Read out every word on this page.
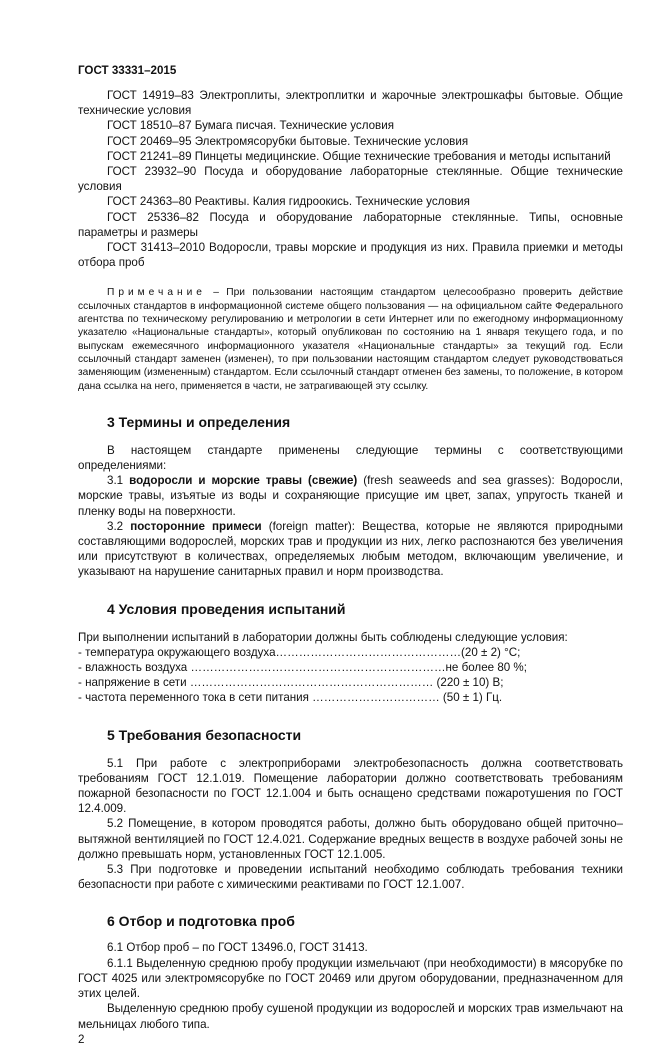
ГОСТ 33331–2015

ГОСТ 14919–83 Электроплиты, электроплитки и жарочные электрошкафы бытовые. Общие технические условия

ГОСТ 18510–87 Бумага писчая. Технические условия

ГОСТ 20469–95 Электромясорубки бытовые. Технические условия

ГОСТ 21241–89 Пинцеты медицинские. Общие технические требования и методы испытаний

ГОСТ 23932–90 Посуда и оборудование лабораторные стеклянные. Общие технические условия

ГОСТ 24363–80 Реактивы. Калия гидроокись. Технические условия

ГОСТ 25336–82 Посуда и оборудование лабораторные стеклянные. Типы, основные параметры и размеры

ГОСТ 31413–2010 Водоросли, травы морские и продукция из них. Правила приемки и методы отбора проб

Примечание – При пользовании настоящим стандартом целесообразно проверить действие ссылочных стандартов в информационной системе общего пользования — на официальном сайте Федерального агентства по техническому регулированию и метрологии в сети Интернет или по ежегодному информационному указателю «Национальные стандарты», который опубликован по состоянию на 1 января текущего года, и по выпускам ежемесячного информационного указателя «Национальные стандарты» за текущий год. Если ссылочный стандарт заменен (изменен), то при пользовании настоящим стандартом следует руководствоваться заменяющим (измененным) стандартом. Если ссылочный стандарт отменен без замены, то положение, в котором дана ссылка на него, применяется в части, не затрагивающей эту ссылку.

3 Термины и определения

В настоящем стандарте применены следующие термины с соответствующими определениями:

3.1 водоросли и морские травы (свежие) (fresh seaweeds and sea grasses): Водоросли, морские травы, изъятые из воды и сохраняющие присущие им цвет, запах, упругость тканей и пленку воды на поверхности.

3.2 посторонние примеси (foreign matter): Вещества, которые не являются природными составляющими водорослей, морских трав и продукции из них, легко распознаются без увеличения или присутствуют в количествах, определяемых любым методом, включающим увеличение, и указывают на нарушение санитарных правил и норм производства.

4 Условия проведения испытаний
При выполнении испытаний в лаборатории должны быть соблюдены следующие условия:
- температура окружающего воздуха…………………………………………(20 ± 2) °С;
- влажность воздуха …………………………………………………………не более 80 %;
- напряжение в сети ……………………………………………………… (220 ± 10) В;
- частота переменного тока в сети питания …………………………… (50 ± 1) Гц.
5 Требования безопасности

5.1 При работе с электроприборами электробезопасность должна соответствовать требованиям ГОСТ 12.1.019. Помещение лаборатории должно соответствовать требованиям пожарной безопасности по ГОСТ 12.1.004 и быть оснащено средствами пожаротушения по ГОСТ 12.4.009.

5.2 Помещение, в котором проводятся работы, должно быть оборудовано общей приточно–вытяжной вентиляцией по ГОСТ 12.4.021. Содержание вредных веществ в воздухе рабочей зоны не должно превышать норм, установленных ГОСТ 12.1.005.

5.3 При подготовке и проведении испытаний необходимо соблюдать требования техники безопасности при работе с химическими реактивами по ГОСТ 12.1.007.

6 Отбор и подготовка проб

6.1 Отбор проб – по ГОСТ 13496.0, ГОСТ 31413.

6.1.1 Выделенную среднюю пробу продукции измельчают (при необходимости) в мясорубке по ГОСТ 4025 или электромясорубке по ГОСТ 20469 или другом оборудовании, предназначенном для этих целей.

Выделенную среднюю пробу сушеной продукции из водорослей и морских трав измельчают на мельницах любого типа.

2
